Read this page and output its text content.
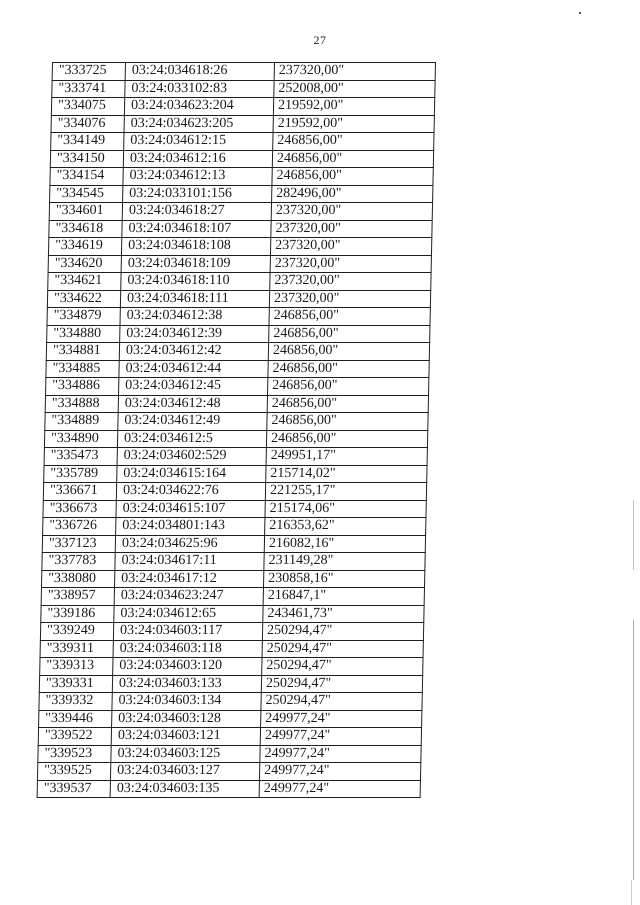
27
"333725	03:24:034618:26	237320,00"
"333741	03:24:033102:83	252008,00"
"334075	03:24:034623:204	219592,00"
"334076	03:24:034623:205	219592,00"
"334149	03:24:034612:15	246856,00"
"334150	03:24:034612:16	246856,00"
"334154	03:24:034612:13	246856,00"
"334545	03:24:033101:156	282496,00"
"334601	03:24:034618:27	237320,00"
"334618	03:24:034618:107	237320,00"
"334619	03:24:034618:108	237320,00"
"334620	03:24:034618:109	237320,00"
"334621	03:24:034618:110	237320,00"
"334622	03:24:034618:111	237320,00"
"334879	03:24:034612:38	246856,00"
"334880	03:24:034612:39	246856,00"
"334881	03:24:034612:42	246856,00"
"334885	03:24:034612:44	246856,00"
"334886	03:24:034612:45	246856,00"
"334888	03:24:034612:48	246856,00"
"334889	03:24:034612:49	246856,00"
"334890	03:24:034612:5	246856,00"
"335473	03:24:034602:529	249951,17"
"335789	03:24:034615:164	215714,02"
"336671	03:24:034622:76	221255,17"
"336673	03:24:034615:107	215174,06"
"336726	03:24:034801:143	216353,62"
"337123	03:24:034625:96	216082,16"
"337783	03:24:034617:11	231149,28"
"338080	03:24:034617:12	230858,16"
"338957	03:24:034623:247	216847,1"
"339186	03:24:034612:65	243461,73"
"339249	03:24:034603:117	250294,47"
"339311	03:24:034603:118	250294,47"
"339313	03:24:034603:120	250294,47"
"339331	03:24:034603:133	250294,47"
"339332	03:24:034603:134	250294,47"
"339446	03:24:034603:128	249977,24"
"339522	03:24:034603:121	249977,24"
"339523	03:24:034603:125	249977,24"
"339525	03:24:034603:127	249977,24"
"339537	03:24:034603:135	249977,24"
